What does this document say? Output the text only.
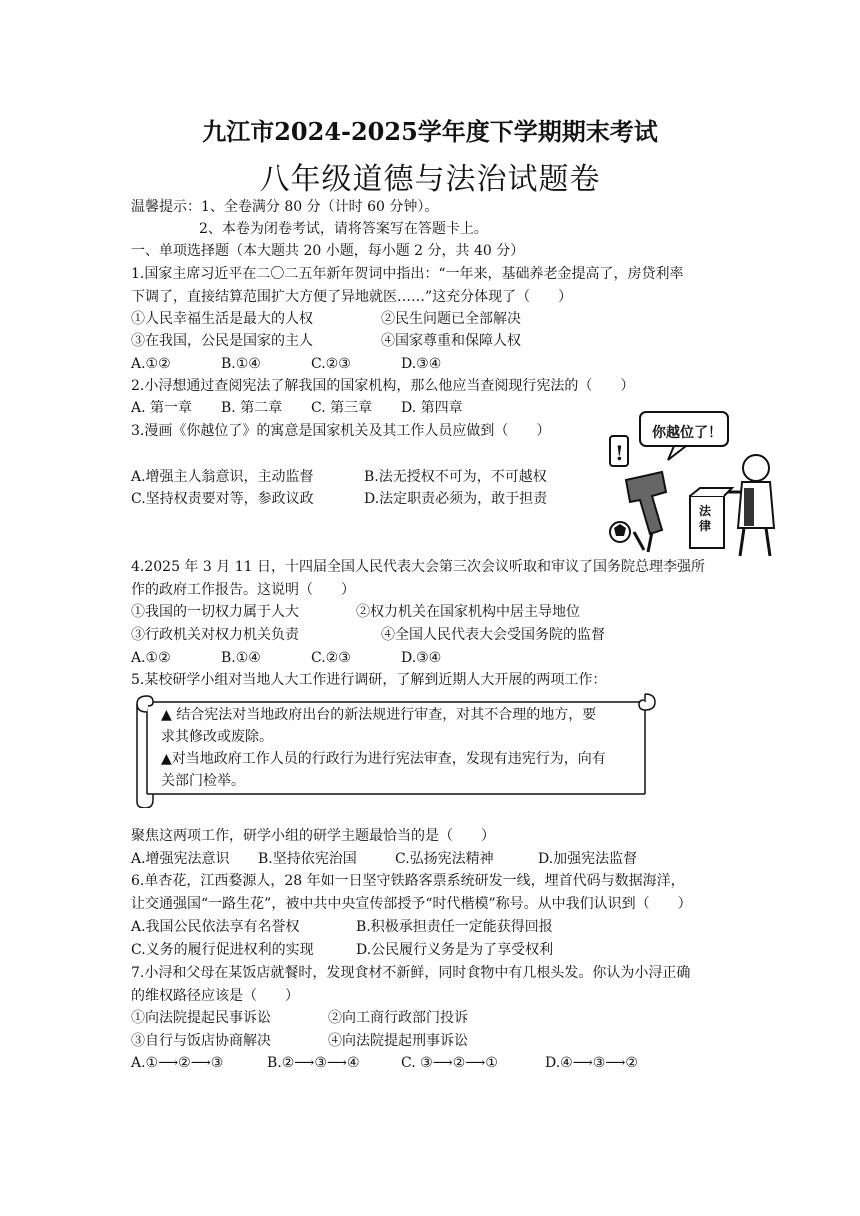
九江市2024-2025学年度下学期期末考试
八年级道德与法治试题卷
温馨提示：1、全卷满分 80 分（计时 60 分钟）。
2、本卷为闭卷考试，请将答案写在答题卡上。
一、单项选择题（本大题共 20 小题，每小题 2 分，共 40 分）
1.国家主席习近平在二〇二五年新年贺词中指出：“一年来，基础养老金提高了，房贷利率
下调了，直接结算范围扩大方便了异地就医……”这充分体现了（　　）
①人民幸福生活是最大的人权	②民生问题已全部解决
③在我国，公民是国家的主人	④国家尊重和保障人权
A.①②	B.①④	C.②③	D.③④
2.小浔想通过查阅宪法了解我国的国家机构，那么他应当查阅现行宪法的（　　）
A. 第一章 B. 第二章 C. 第三章 D. 第四章
3.漫画《你越位了》的寓意是国家机关及其工作人员应做到（　　）
A.增强主人翁意识，主动监督	B.法无授权不可为，不可越权
C.坚持权责要对等，参政议政	D.法定职责必须为，敢于担责
!
你越位了！
法律
4.2025 年 3 月 11 日，十四届全国人民代表大会第三次会议听取和审议了国务院总理李强所
作的政府工作报告。这说明（　　）
①我国的一切权力属于人大	②权力机关在国家机构中居主导地位
③行政机关对权力机关负责	④全国人民代表大会受国务院的监督
A.①②	B.①④	C.②③	D.③④
5.某校研学小组对当地人大工作进行调研，了解到近期人大开展的两项工作：
▲ 结合宪法对当地政府出台的新法规进行审查，对其不合理的地方，要
求其修改或废除。
▲对当地政府工作人员的行政行为进行宪法审查，发现有违宪行为，向有
关部门检举。
聚焦这两项工作，研学小组的研学主题最恰当的是（　　）
A.增强宪法意识 B.坚持依宪治国	C.弘扬宪法精神	D.加强宪法监督
6.单杏花，江西婺源人，28 年如一日坚守铁路客票系统研发一线，埋首代码与数据海洋，
让交通强国“一路生花”，被中共中央宣传部授予“时代楷模”称号。从中我们认识到（　　）
A.我国公民依法享有名誉权	B.积极承担责任一定能获得回报
C.义务的履行促进权利的实现	D.公民履行义务是为了享受权利
7.小浔和父母在某饭店就餐时，发现食材不新鲜，同时食物中有几根头发。你认为小浔正确
的维权路径应该是（　　）
①向法院提起民事诉讼	②向工商行政部门投诉
③自行与饭店协商解决	④向法院提起刑事诉讼
A.①⟶②⟶③	B.②⟶③⟶④	C. ③⟶②⟶①	D.④⟶③⟶②
